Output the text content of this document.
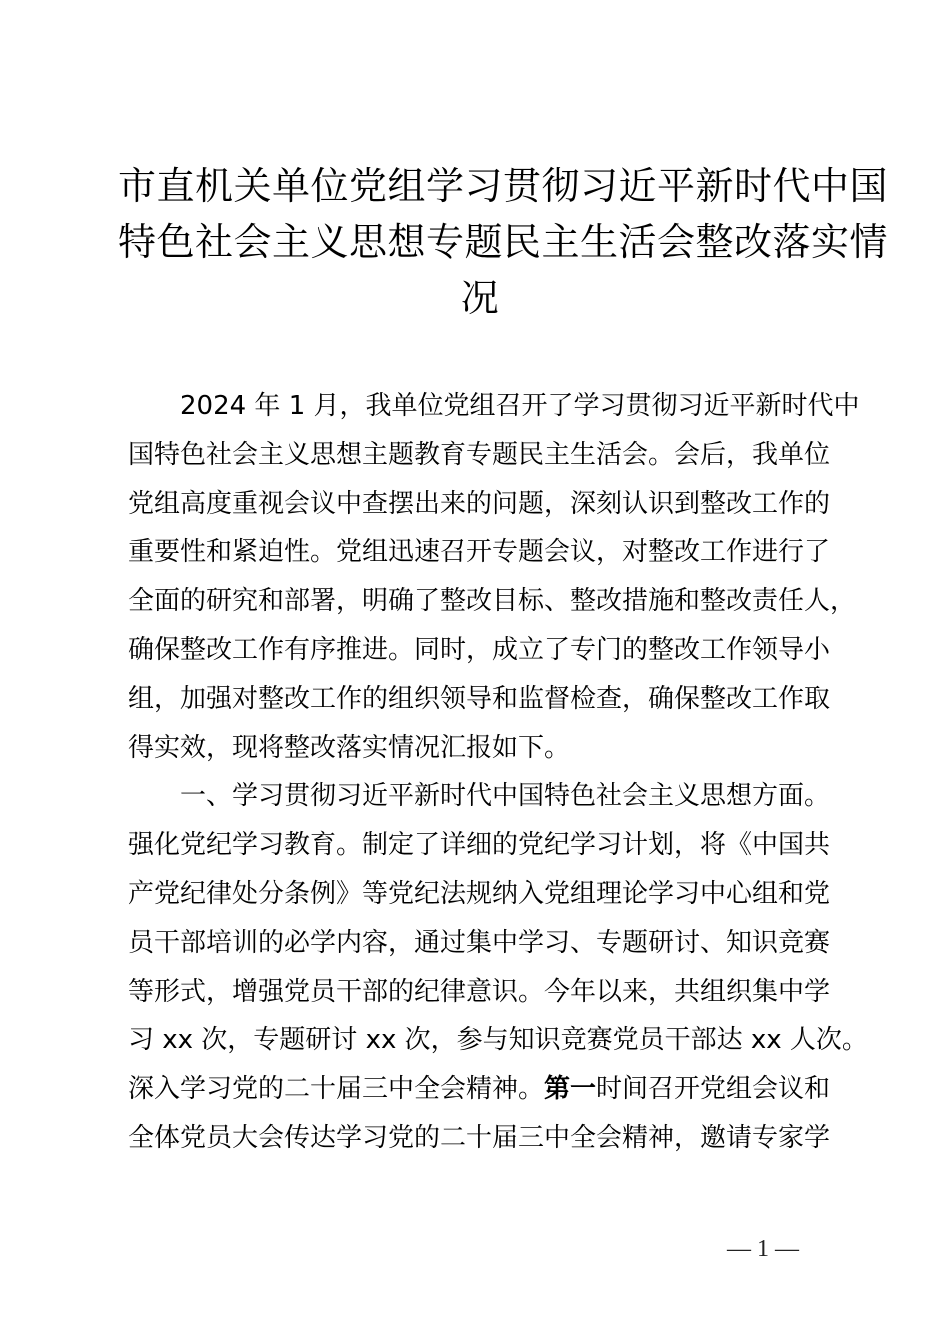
市直机关单位党组学习贯彻习近平新时代中国
特色社会主义思想专题民主生活会整改落实情
况
2024 年 1 月，我单位党组召开了学习贯彻习近平新时代中
国特色社会主义思想主题教育专题民主生活会。会后，我单位
党组高度重视会议中查摆出来的问题，深刻认识到整改工作的
重要性和紧迫性。党组迅速召开专题会议，对整改工作进行了
全面的研究和部署，明确了整改目标、整改措施和整改责任人，
确保整改工作有序推进。同时，成立了专门的整改工作领导小
组，加强对整改工作的组织领导和监督检查，确保整改工作取
得实效，现将整改落实情况汇报如下。
一、学习贯彻习近平新时代中国特色社会主义思想方面。
强化党纪学习教育。制定了详细的党纪学习计划，将《中国共
产党纪律处分条例》等党纪法规纳入党组理论学习中心组和党
员干部培训的必学内容，通过集中学习、专题研讨、知识竞赛
等形式，增强党员干部的纪律意识。今年以来，共组织集中学
习 xx 次，专题研讨 xx 次，参与知识竞赛党员干部达 xx 人次。
深入学习党的二十届三中全会精神。第一时间召开党组会议和
全体党员大会传达学习党的二十届三中全会精神，邀请专家学
— 1 —
